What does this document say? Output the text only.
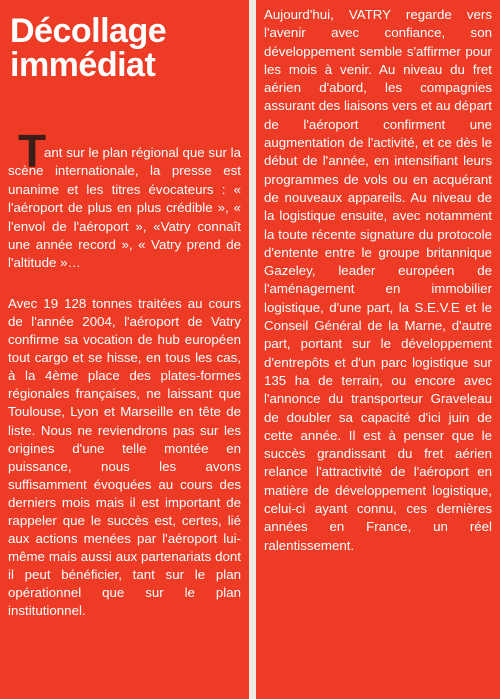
Décollage
immédiat

T
ant sur le plan régional que sur la scène internationale, la presse est unanime et les titres évocateurs : « l'aéroport de plus en plus crédible », « l'envol de l'aéroport », «Vatry connaît une année record », « Vatry prend de l'altitude »…

Avec 19 128 tonnes traitées au cours de l'année 2004, l'aéroport de Vatry confirme sa vocation de hub européen tout cargo et se hisse, en tous les cas, à la 4ème place des plates-formes régionales françaises, ne laissant que Toulouse, Lyon et Marseille en tête de liste. Nous ne reviendrons pas sur les origines d'une telle montée en puissance, nous les avons suffisamment évoquées au cours des derniers mois mais il est important de rappeler que le succès est, certes, lié aux actions menées par l'aéroport lui-même mais aussi aux partenariats dont il peut bénéficier, tant sur le plan opérationnel que sur le plan institutionnel.

Aujourd'hui, VATRY regarde vers l'avenir avec confiance, son développement semble s'affirmer pour les mois à venir. Au niveau du fret aérien d'abord, les compagnies assurant des liaisons vers et au départ de l'aéroport confirment une augmentation de l'activité, et ce dès le début de l'année, en intensifiant leurs programmes de vols ou en acquérant de nouveaux appareils. Au niveau de la logistique ensuite, avec notamment la toute récente signature du protocole d'entente entre le groupe britannique Gazeley, leader européen de l'aménagement en immobilier logistique, d'une part, la S.E.V.E et le Conseil Général de la Marne, d'autre part, portant sur le développement d'entrepôts et d'un parc logistique sur 135 ha de terrain, ou encore avec l'annonce du transporteur Graveleau de doubler sa capacité d'ici juin de cette année. Il est à penser que le succès grandissant du fret aérien relance l'attractivité de l'aéroport en matière de développement logistique, celui-ci ayant connu, ces dernières années en France, un réel ralentissement.
